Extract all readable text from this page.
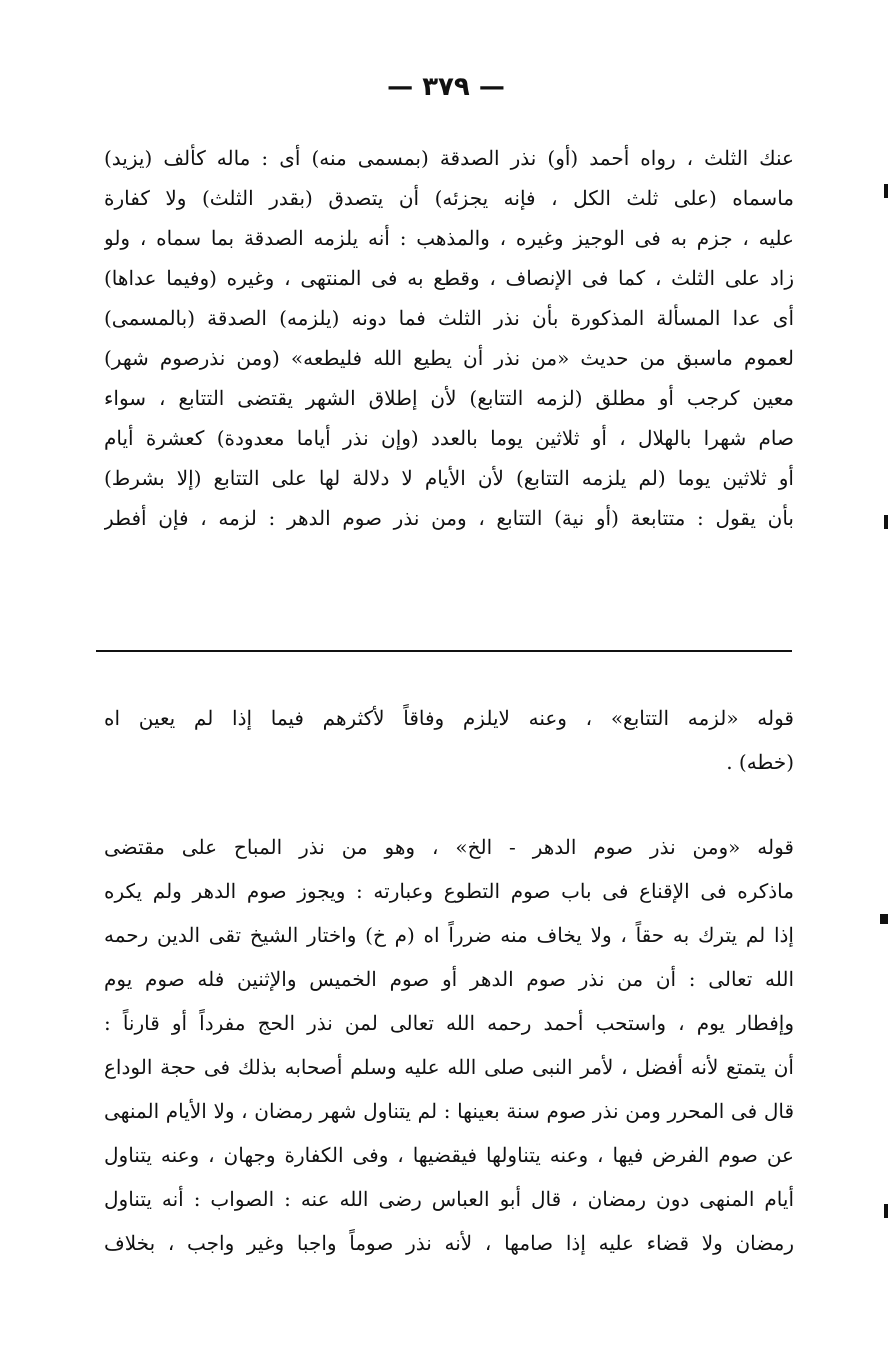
— ٣٧٩ —
عنك الثلث ، رواه أحمد (أو) نذر الصدقة (بمسمى منه) أى : ماله كألف (يزيد)
ماسماه (على ثلث الكل ، فإنه يجزئه) أن يتصدق (بقدر الثلث) ولا كفارة
عليه ، جزم به فى الوجيز وغيره ، والمذهب : أنه يلزمه الصدقة بما سماه ، ولو
زاد على الثلث ، كما فى الإنصاف ، وقطع به فى المنتهى ، وغيره (وفيما عداها)
أى عدا المسألة المذكورة بأن نذر الثلث فما دونه (يلزمه) الصدقة (بالمسمى)
لعموم ماسبق من حديث «من نذر أن يطيع الله فليطعه» (ومن نذرصوم شهر)
معين كرجب أو مطلق (لزمه التتابع) لأن إطلاق الشهر يقتضى التتابع ، سواء
صام شهرا بالهلال ، أو ثلاثين يوما بالعدد (وإن نذر أياما معدودة) كعشرة أيام
أو ثلاثين يوما (لم يلزمه التتابع) لأن الأيام لا دلالة لها على التتابع (إلا بشرط)
بأن يقول : متتابعة (أو نية) التتابع ، ومن نذر صوم الدهر : لزمه ، فإن أفطر
قوله «لزمه التتابع» ، وعنه لايلزم وفاقاً لأكثرهم فيما إذا لم يعين اه
(خطه) .
قوله «ومن نذر صوم الدهر - الخ» ، وهو من نذر المباح على مقتضى
ماذكره فى الإقناع فى باب صوم التطوع وعبارته : ويجوز صوم الدهر ولم يكره
إذا لم يترك به حقاً ، ولا يخاف منه ضرراً اه (م خ) واختار الشيخ تقى الدين رحمه
الله تعالى : أن من نذر صوم الدهر أو صوم الخميس والإثنين فله صوم يوم
وإفطار يوم ، واستحب أحمد رحمه الله تعالى لمن نذر الحج مفرداً أو قارناً :
أن يتمتع لأنه أفضل ، لأمر النبى صلى الله عليه وسلم أصحابه بذلك فى حجة الوداع
قال فى المحرر ومن نذر صوم سنة بعينها : لم يتناول شهر رمضان ، ولا الأيام المنهى
عن صوم الفرض فيها ، وعنه يتناولها فيقضيها ، وفى الكفارة وجهان ، وعنه يتناول
أيام المنهى دون رمضان ، قال أبو العباس رضى الله عنه : الصواب : أنه يتناول
رمضان ولا قضاء عليه إذا صامها ، لأنه نذر صوماً واجبا وغير واجب ، بخلاف
